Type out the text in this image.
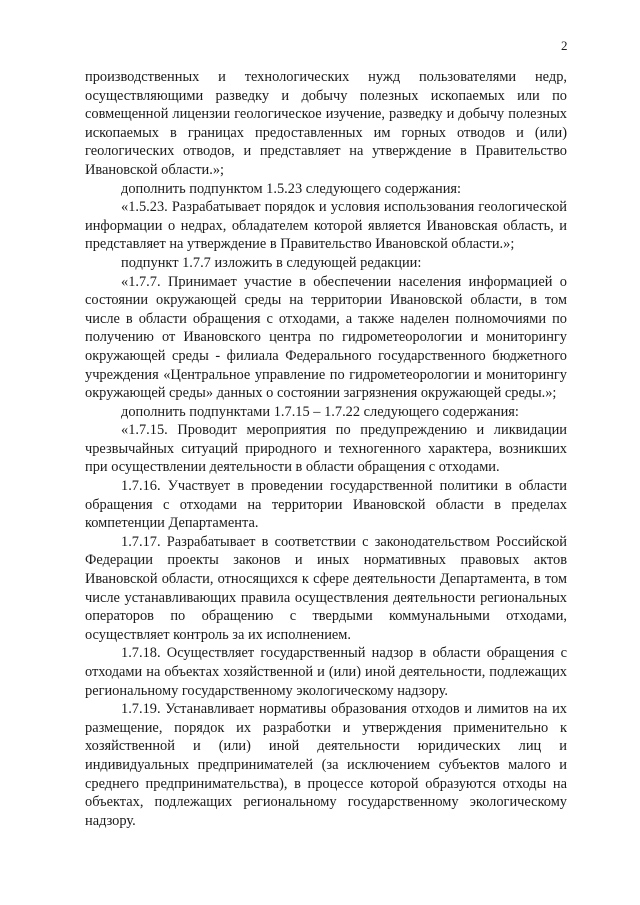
2

производственных и технологических нужд пользователями недр, осуществляющими разведку и добычу полезных ископаемых или по совмещенной лицензии геологическое изучение, разведку и добычу полезных ископаемых в границах предоставленных им горных отводов и (или) геологических отводов, и представляет на утверждение в Правительство Ивановской области.»;

дополнить подпунктом 1.5.23 следующего содержания:

«1.5.23. Разрабатывает порядок и условия использования геологической информации о недрах, обладателем которой является Ивановская область, и представляет на утверждение в Правительство Ивановской области.»;

подпункт 1.7.7 изложить в следующей редакции:

«1.7.7. Принимает участие в обеспечении населения информацией о состоянии окружающей среды на территории Ивановской области, в том числе в области обращения с отходами, а также наделен полномочиями по получению от Ивановского центра по гидрометеорологии и мониторингу окружающей среды - филиала Федерального государственного бюджетного учреждения «Центральное управление по гидрометеорологии и мониторингу окружающей среды» данных о состоянии загрязнения окружающей среды.»;

дополнить подпунктами 1.7.15 – 1.7.22 следующего содержания:

«1.7.15. Проводит мероприятия по предупреждению и ликвидации чрезвычайных ситуаций природного и техногенного характера, возникших при осуществлении деятельности в области обращения с отходами.

1.7.16. Участвует в проведении государственной политики в области обращения с отходами на территории Ивановской области в пределах компетенции Департамента.

1.7.17. Разрабатывает в соответствии с законодательством Российской Федерации проекты законов и иных нормативных правовых актов Ивановской области, относящихся к сфере деятельности Департамента, в том числе устанавливающих правила осуществления деятельности региональных операторов по обращению с твердыми коммунальными отходами, осуществляет контроль за их исполнением.

1.7.18. Осуществляет государственный надзор в области обращения с отходами на объектах хозяйственной и (или) иной деятельности, подлежащих региональному государственному экологическому надзору.

1.7.19. Устанавливает нормативы образования отходов и лимитов на их размещение, порядок их разработки и утверждения применительно к хозяйственной и (или) иной деятельности юридических лиц и индивидуальных предпринимателей (за исключением субъектов малого и среднего предпринимательства), в процессе которой образуются отходы на объектах, подлежащих региональному государственному экологическому надзору.
